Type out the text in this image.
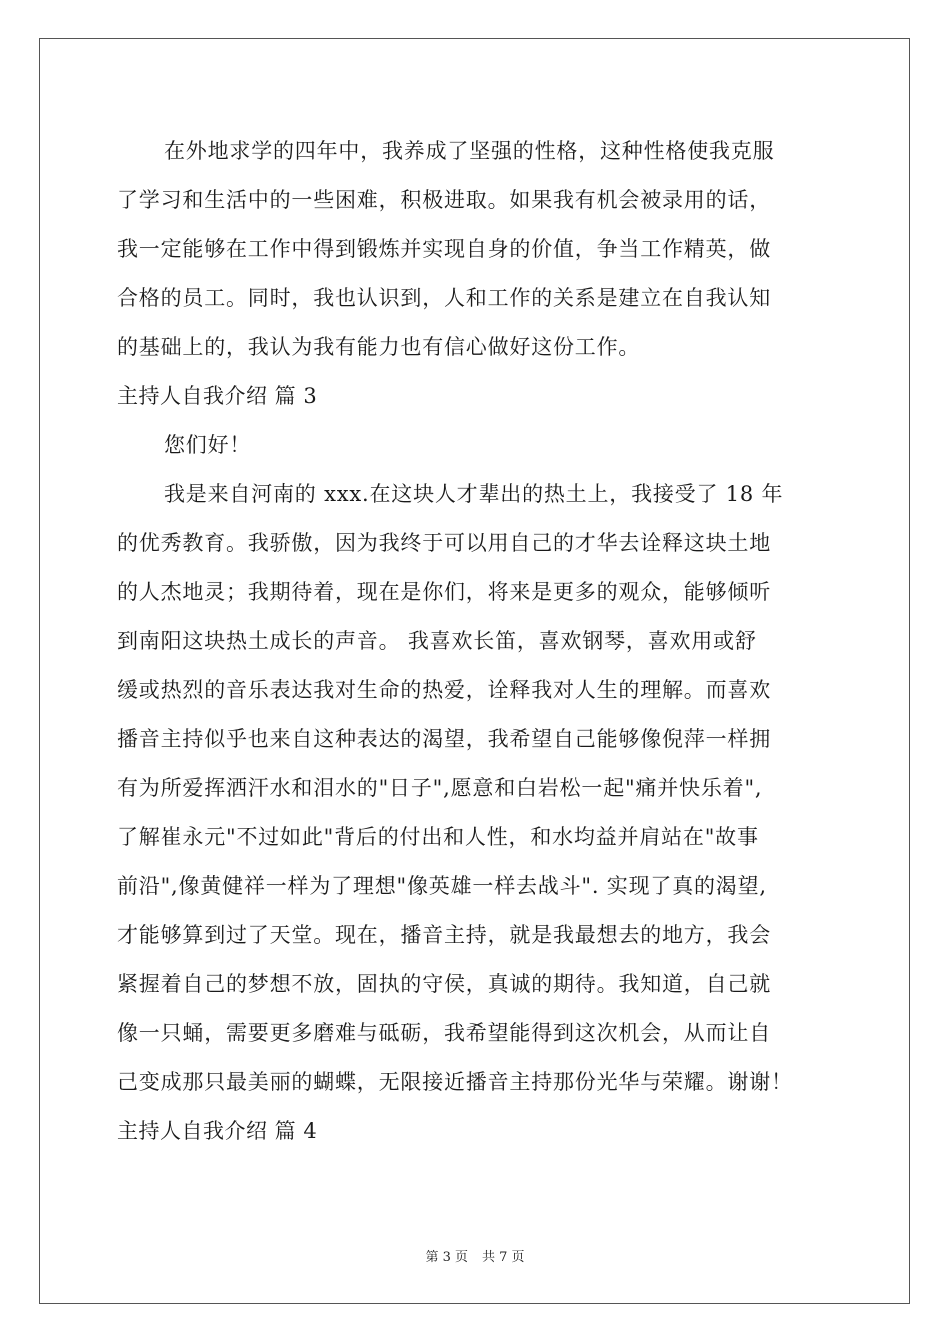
在外地求学的四年中，我养成了坚强的性格，这种性格使我克服
了学习和生活中的一些困难，积极进取。如果我有机会被录用的话，
我一定能够在工作中得到锻炼并实现自身的价值，争当工作精英，做
合格的员工。同时，我也认识到，人和工作的关系是建立在自我认知
的基础上的，我认为我有能力也有信心做好这份工作。
主持人自我介绍 篇 3
您们好！
我是来自河南的 xxx.在这块人才辈出的热土上，我接受了 18 年
的优秀教育。我骄傲，因为我终于可以用自己的才华去诠释这块土地
的人杰地灵；我期待着，现在是你们，将来是更多的观众，能够倾听
到南阳这块热土成长的声音。 我喜欢长笛，喜欢钢琴，喜欢用或舒
缓或热烈的音乐表达我对生命的热爱，诠释我对人生的理解。而喜欢
播音主持似乎也来自这种表达的渴望，我希望自己能够像倪萍一样拥
有为所爱挥洒汗水和泪水的"日子",愿意和白岩松一起"痛并快乐着",
了解崔永元"不过如此"背后的付出和人性，和水均益并肩站在"故事
前沿",像黄健祥一样为了理想"像英雄一样去战斗". 实现了真的渴望,
才能够算到过了天堂。现在，播音主持，就是我最想去的地方，我会
紧握着自己的梦想不放，固执的守侯，真诚的期待。我知道，自己就
像一只蛹，需要更多磨难与砥砺，我希望能得到这次机会，从而让自
己变成那只最美丽的蝴蝶，无限接近播音主持那份光华与荣耀。谢谢！
主持人自我介绍 篇 4
第 3 页 共 7 页
